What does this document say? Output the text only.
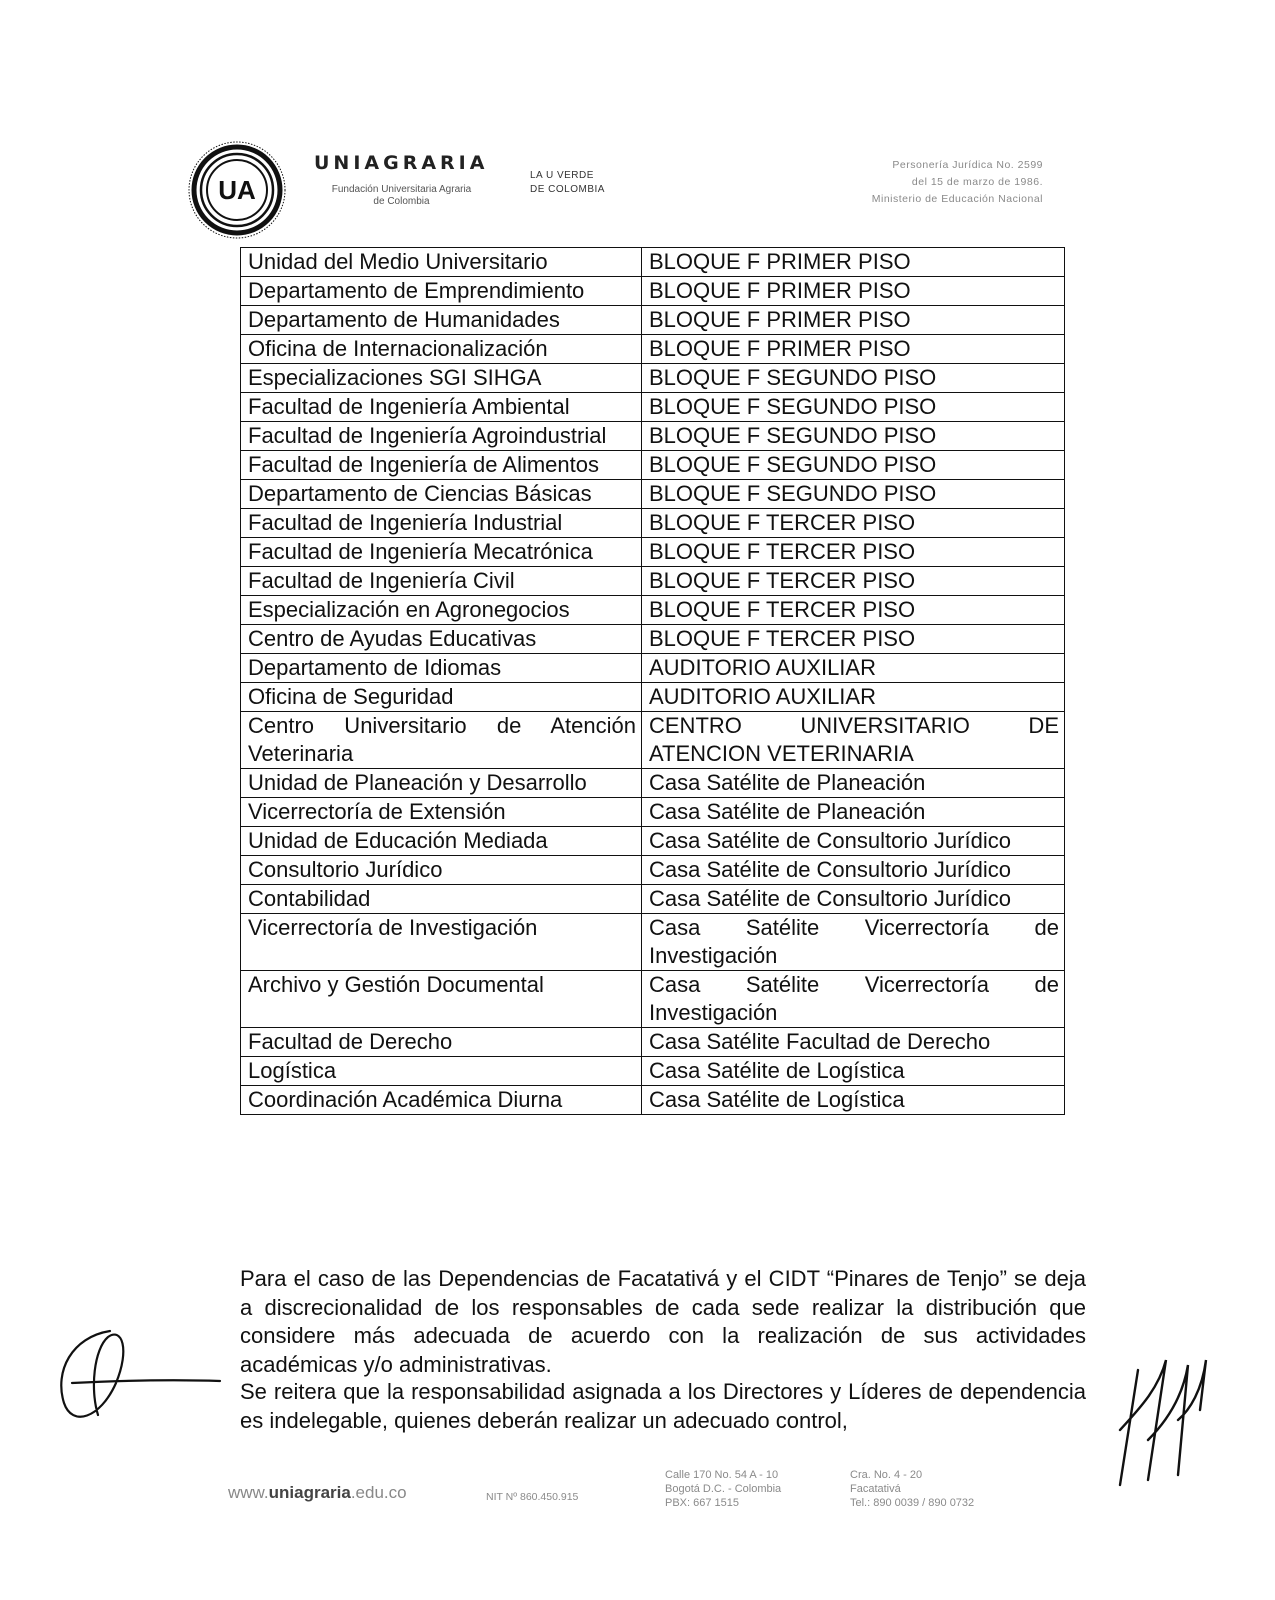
UA
UNIAGRARIA
Fundación Universitaria Agraria
de Colombia
LA U VERDE
DE COLOMBIA
Personería Jurídica No. 2599
del 15 de marzo de 1986.
Ministerio de Educación Nacional
Unidad del Medio Universitario	BLOQUE F PRIMER PISO
Departamento de Emprendimiento	BLOQUE F PRIMER PISO
Departamento de Humanidades	BLOQUE F PRIMER PISO
Oficina de Internacionalización	BLOQUE F PRIMER PISO
Especializaciones SGI SIHGA	BLOQUE F SEGUNDO PISO
Facultad de Ingeniería Ambiental	BLOQUE F SEGUNDO PISO
Facultad de Ingeniería Agroindustrial	BLOQUE F SEGUNDO PISO
Facultad de Ingeniería de Alimentos	BLOQUE F SEGUNDO PISO
Departamento de Ciencias Básicas	BLOQUE F SEGUNDO PISO
Facultad de Ingeniería Industrial	BLOQUE F TERCER PISO
Facultad de Ingeniería Mecatrónica	BLOQUE F TERCER PISO
Facultad de Ingeniería Civil	BLOQUE F TERCER PISO
Especialización en Agronegocios	BLOQUE F TERCER PISO
Centro de Ayudas Educativas	BLOQUE F TERCER PISO
Departamento de Idiomas	AUDITORIO AUXILIAR
Oficina de Seguridad	AUDITORIO AUXILIAR
Centro Universitario de Atención Veterinaria	CENTRO UNIVERSITARIO DE ATENCION VETERINARIA
Unidad de Planeación y Desarrollo	Casa Satélite de Planeación
Vicerrectoría de Extensión	Casa Satélite de Planeación
Unidad de Educación Mediada	Casa Satélite de Consultorio Jurídico
Consultorio Jurídico	Casa Satélite de Consultorio Jurídico
Contabilidad	Casa Satélite de Consultorio Jurídico
Vicerrectoría de Investigación	Casa Satélite Vicerrectoría de Investigación
Archivo y Gestión Documental	Casa Satélite Vicerrectoría de Investigación
Facultad de Derecho	Casa Satélite Facultad de Derecho
Logística	Casa Satélite de Logística
Coordinación Académica Diurna	Casa Satélite de Logística

Para el caso de las Dependencias de Facatativá y el CIDT “Pinares de Tenjo” se deja a discrecionalidad de los responsables de cada sede realizar la distribución que considere más adecuada de acuerdo con la realización de sus actividades académicas y/o administrativas.

Se reitera que la responsabilidad asignada a los Directores y Líderes de dependencia es indelegable, quienes deberán realizar un adecuado control,

www.uniagraria.edu.co	NIT Nº 860.450.915
Calle 170 No. 54 A - 10
Bogotá D.C. - Colombia
PBX: 667 1515
Cra. No. 4 - 20
Facatativá
Tel.: 890 0039 / 890 0732
